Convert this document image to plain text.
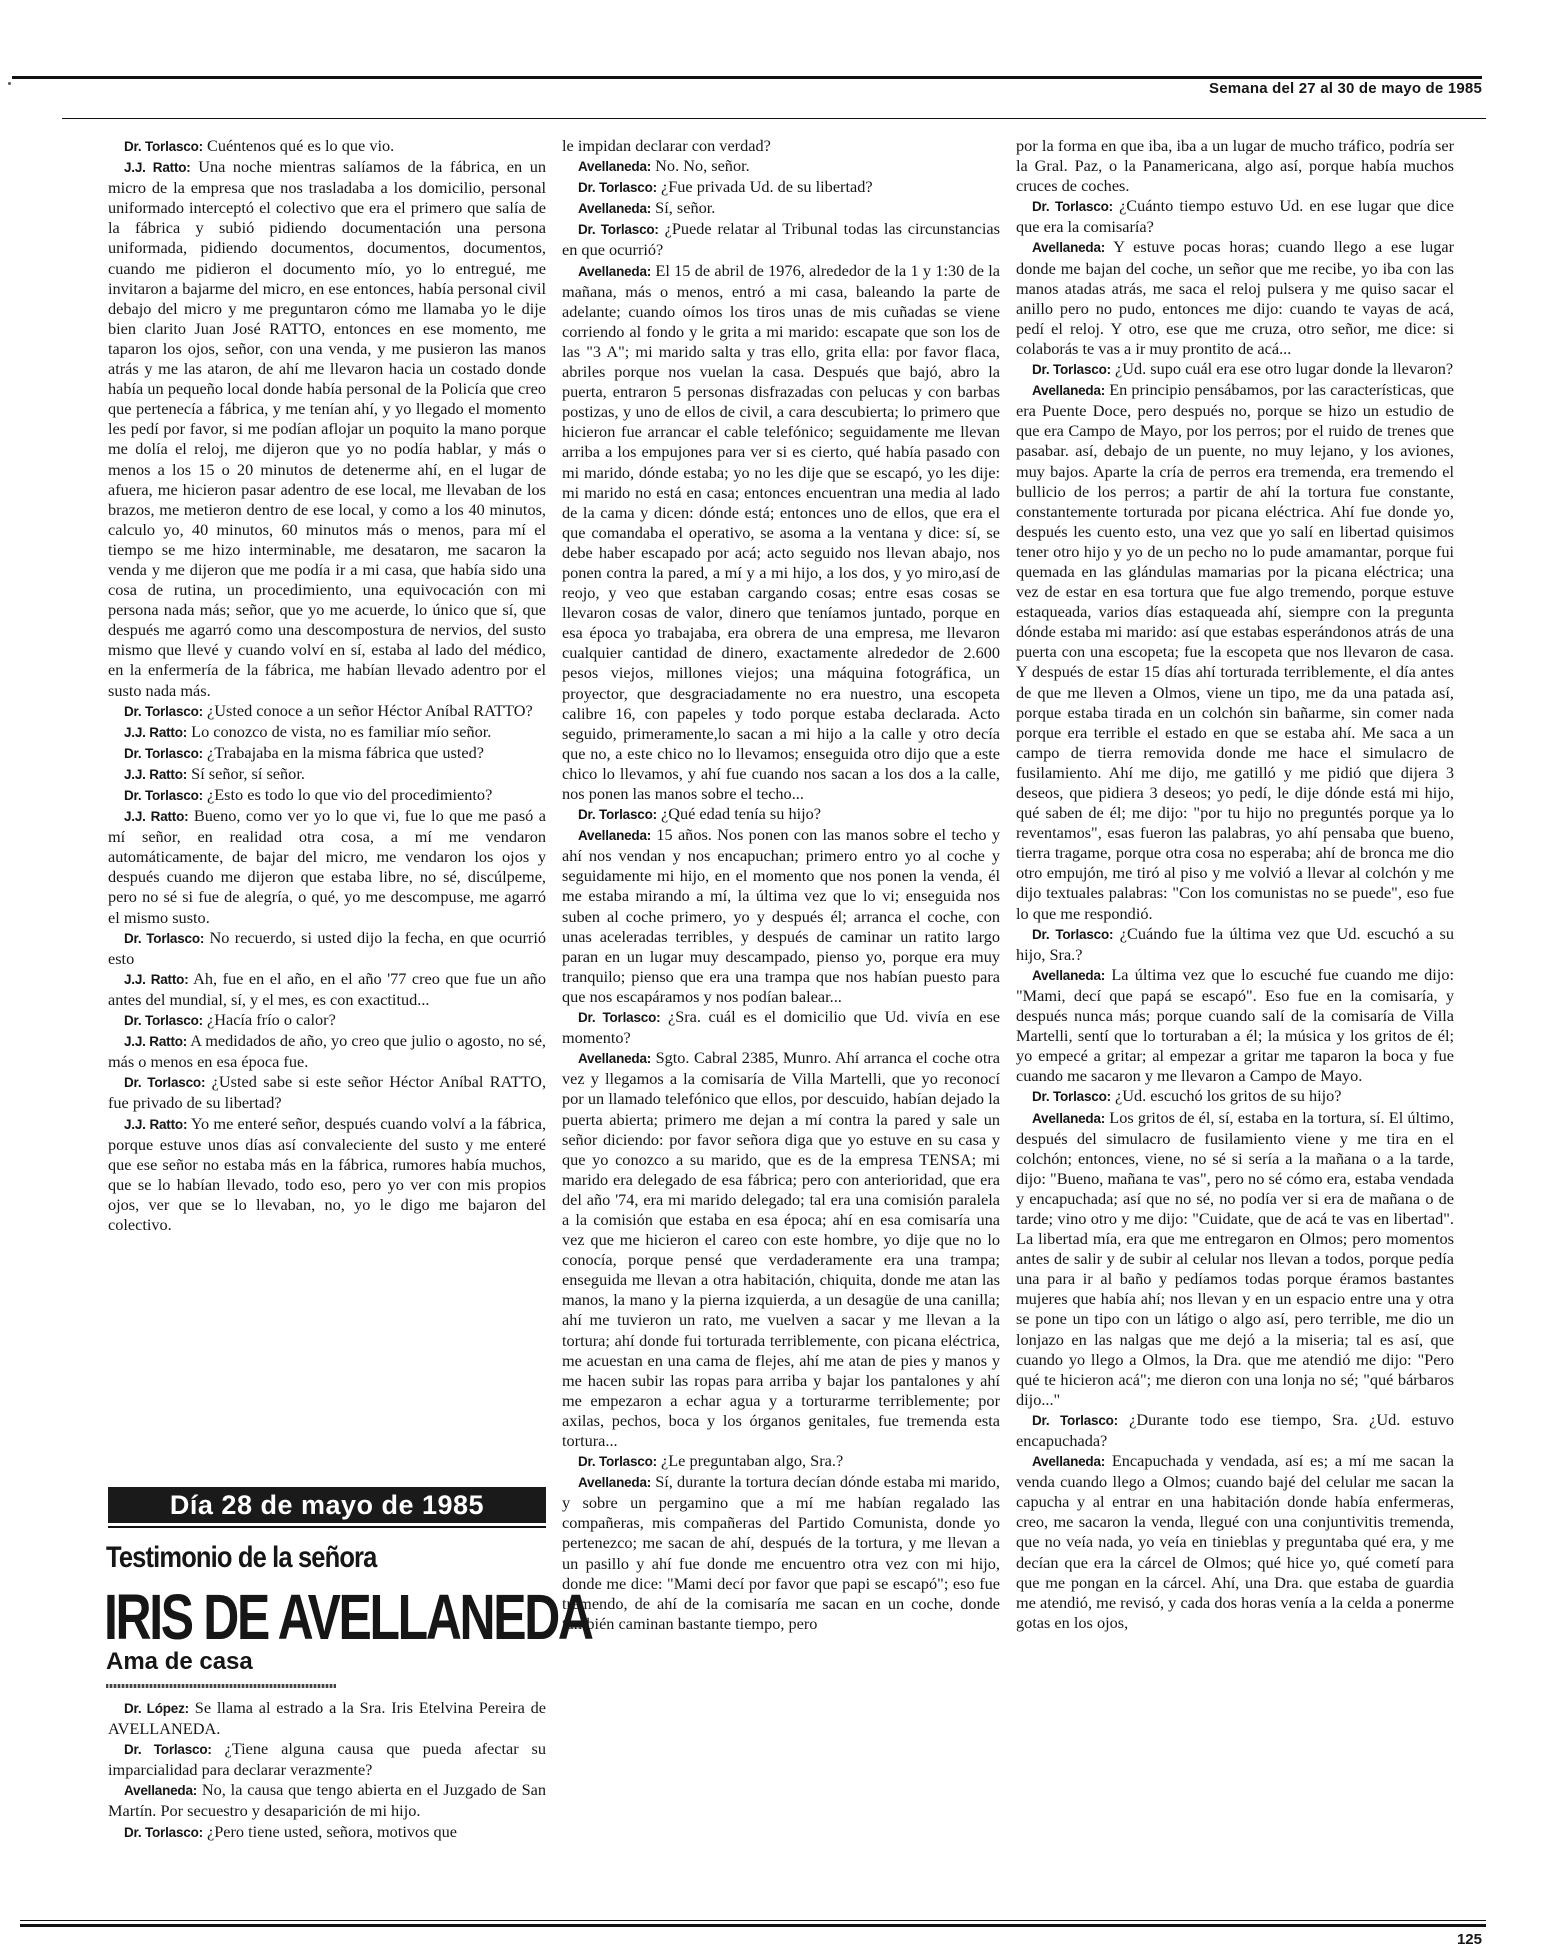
Semana del 27 al 30 de mayo de 1985

Dr. Torlasco: Cuéntenos qué es lo que vio.

J.J. Ratto: Una noche mientras salíamos de la fábrica, en un micro de la empresa que nos trasladaba a los domicilio, personal uniformado interceptó el colectivo que era el primero que salía de la fábrica y subió pidiendo documentación una persona uniformada, pidiendo documentos, documentos, documentos, cuando me pidieron el documento mío, yo lo entregué, me invitaron a bajarme del micro, en ese entonces, había personal civil debajo del micro y me preguntaron cómo me llamaba yo le dije bien clarito Juan José RATTO, entonces en ese momento, me taparon los ojos, señor, con una venda, y me pusieron las manos atrás y me las ataron, de ahí me llevaron hacia un costado donde había un pequeño local donde había personal de la Policía que creo que pertenecía a fábrica, y me tenían ahí, y yo llegado el momento les pedí por favor, si me podían aflojar un poquito la mano porque me dolía el reloj, me dijeron que yo no podía hablar, y más o menos a los 15 o 20 minutos de detenerme ahí, en el lugar de afuera, me hicieron pasar adentro de ese local, me llevaban de los brazos, me metieron dentro de ese local, y como a los 40 minutos, calculo yo, 40 minutos, 60 minutos más o menos, para mí el tiempo se me hizo interminable, me desataron, me sacaron la venda y me dijeron que me podía ir a mi casa, que había sido una cosa de rutina, un procedimiento, una equivocación con mi persona nada más; señor, que yo me acuerde, lo único que sí, que después me agarró como una descompostura de nervios, del susto mismo que llevé y cuando volví en sí, estaba al lado del médico, en la enfermería de la fábrica, me habían llevado adentro por el susto nada más.

Dr. Torlasco: ¿Usted conoce a un señor Héctor Aníbal RATTO?

J.J. Ratto: Lo conozco de vista, no es familiar mío señor.

Dr. Torlasco: ¿Trabajaba en la misma fábrica que usted?

J.J. Ratto: Sí señor, sí señor.

Dr. Torlasco: ¿Esto es todo lo que vio del procedimiento?

J.J. Ratto: Bueno, como ver yo lo que vi, fue lo que me pasó a mí señor, en realidad otra cosa, a mí me vendaron automáticamente, de bajar del micro, me vendaron los ojos y después cuando me dijeron que estaba libre, no sé, discúlpeme, pero no sé si fue de alegría, o qué, yo me descompuse, me agarró el mismo susto.

Dr. Torlasco: No recuerdo, si usted dijo la fecha, en que ocurrió esto

J.J. Ratto: Ah, fue en el año, en el año '77 creo que fue un año antes del mundial, sí, y el mes, es con exactitud...

Dr. Torlasco: ¿Hacía frío o calor?

J.J. Ratto: A medidados de año, yo creo que julio o agosto, no sé, más o menos en esa época fue.

Dr. Torlasco: ¿Usted sabe si este señor Héctor Aníbal RATTO, fue privado de su libertad?

J.J. Ratto: Yo me enteré señor, después cuando volví a la fábrica, porque estuve unos días así convaleciente del susto y me enteré que ese señor no estaba más en la fábrica, rumores había muchos, que se lo habían llevado, todo eso, pero yo ver con mis propios ojos, ver que se lo llevaban, no, yo le digo me bajaron del colectivo.

Día 28 de mayo de 1985
Testimonio de la señora
IRIS DE AVELLANEDA
Ama de casa

Dr. López: Se llama al estrado a la Sra. Iris Etelvina Pereira de AVELLANEDA.

Dr. Torlasco: ¿Tiene alguna causa que pueda afectar su imparcialidad para declarar verazmente?

Avellaneda: No, la causa que tengo abierta en el Juzgado de San Martín. Por secuestro y desaparición de mi hijo.

Dr. Torlasco: ¿Pero tiene usted, señora, motivos que

le impidan declarar con verdad?

Avellaneda: No. No, señor.

Dr. Torlasco: ¿Fue privada Ud. de su libertad?

Avellaneda: Sí, señor.

Dr. Torlasco: ¿Puede relatar al Tribunal todas las circunstancias en que ocurrió?

Avellaneda: El 15 de abril de 1976, alrededor de la 1 y 1:30 de la mañana, más o menos, entró a mi casa, baleando la parte de adelante; cuando oímos los tiros unas de mis cuñadas se viene corriendo al fondo y le grita a mi marido: escapate que son los de las "3 A"; mi marido salta y tras ello, grita ella: por favor flaca, abriles porque nos vuelan la casa. Después que bajó, abro la puerta, entraron 5 personas disfrazadas con pelucas y con barbas postizas, y uno de ellos de civil, a cara descubierta; lo primero que hicieron fue arrancar el cable telefónico; seguidamente me llevan arriba a los empujones para ver si es cierto, qué había pasado con mi marido, dónde estaba; yo no les dije que se escapó, yo les dije: mi marido no está en casa; entonces encuentran una media al lado de la cama y dicen: dónde está; entonces uno de ellos, que era el que comandaba el operativo, se asoma a la ventana y dice: sí, se debe haber escapado por acá; acto seguido nos llevan abajo, nos ponen contra la pared, a mí y a mi hijo, a los dos, y yo miro,así de reojo, y veo que estaban cargando cosas; entre esas cosas se llevaron cosas de valor, dinero que teníamos juntado, porque en esa época yo trabajaba, era obrera de una empresa, me llevaron cualquier cantidad de dinero, exactamente alrededor de 2.600 pesos viejos, millones viejos; una máquina fotográfica, un proyector, que desgraciadamente no era nuestro, una escopeta calibre 16, con papeles y todo porque estaba declarada. Acto seguido, primeramente,lo sacan a mi hijo a la calle y otro decía que no, a este chico no lo llevamos; enseguida otro dijo que a este chico lo llevamos, y ahí fue cuando nos sacan a los dos a la calle, nos ponen las manos sobre el techo...

Dr. Torlasco: ¿Qué edad tenía su hijo?

Avellaneda: 15 años. Nos ponen con las manos sobre el techo y ahí nos vendan y nos encapuchan; primero entro yo al coche y seguidamente mi hijo, en el momento que nos ponen la venda, él me estaba mirando a mí, la última vez que lo vi; enseguida nos suben al coche primero, yo y después él; arranca el coche, con unas aceleradas terribles, y después de caminar un ratito largo paran en un lugar muy descampado, pienso yo, porque era muy tranquilo; pienso que era una trampa que nos habían puesto para que nos escapáramos y nos podían balear...

Dr. Torlasco: ¿Sra. cuál es el domicilio que Ud. vivía en ese momento?

Avellaneda: Sgto. Cabral 2385, Munro. Ahí arranca el coche otra vez y llegamos a la comisaría de Villa Martelli, que yo reconocí por un llamado telefónico que ellos, por descuido, habían dejado la puerta abierta; primero me dejan a mí contra la pared y sale un señor diciendo: por favor señora diga que yo estuve en su casa y que yo conozco a su marido, que es de la empresa TENSA; mi marido era delegado de esa fábrica; pero con anterioridad, que era del año '74, era mi marido delegado; tal era una comisión paralela a la comisión que estaba en esa época; ahí en esa comisaría una vez que me hicieron el careo con este hombre, yo dije que no lo conocía, porque pensé que verdaderamente era una trampa; enseguida me llevan a otra habitación, chiquita, donde me atan las manos, la mano y la pierna izquierda, a un desagüe de una canilla; ahí me tuvieron un rato, me vuelven a sacar y me llevan a la tortura; ahí donde fui torturada terriblemente, con picana eléctrica, me acuestan en una cama de flejes, ahí me atan de pies y manos y me hacen subir las ropas para arriba y bajar los pantalones y ahí me empezaron a echar agua y a torturarme terriblemente; por axilas, pechos, boca y los órganos genitales, fue tremenda esta tortura...

Dr. Torlasco: ¿Le preguntaban algo, Sra.?

Avellaneda: Sí, durante la tortura decían dónde estaba mi marido, y sobre un pergamino que a mí me habían regalado las compañeras, mis compañeras del Partido Comunista, donde yo pertenezco; me sacan de ahí, después de la tortura, y me llevan a un pasillo y ahí fue donde me encuentro otra vez con mi hijo, donde me dice: "Mami decí por favor que papi se escapó"; eso fue tremendo, de ahí de la comisaría me sacan en un coche, donde también caminan bastante tiempo, pero

por la forma en que iba, iba a un lugar de mucho tráfico, podría ser la Gral. Paz, o la Panamericana, algo así, porque había muchos cruces de coches.

Dr. Torlasco: ¿Cuánto tiempo estuvo Ud. en ese lugar que dice que era la comisaría?

Avellaneda: Y estuve pocas horas; cuando llego a ese lugar donde me bajan del coche, un señor que me recibe, yo iba con las manos atadas atrás, me saca el reloj pulsera y me quiso sacar el anillo pero no pudo, entonces me dijo: cuando te vayas de acá, pedí el reloj. Y otro, ese que me cruza, otro señor, me dice: si colaborás te vas a ir muy prontito de acá...

Dr. Torlasco: ¿Ud. supo cuál era ese otro lugar donde la llevaron?

Avellaneda: En principio pensábamos, por las características, que era Puente Doce, pero después no, porque se hizo un estudio de que era Campo de Mayo, por los perros; por el ruido de trenes que pasabar. así, debajo de un puente, no muy lejano, y los aviones, muy bajos. Aparte la cría de perros era tremenda, era tremendo el bullicio de los perros; a partir de ahí la tortura fue constante, constantemente torturada por picana eléctrica. Ahí fue donde yo, después les cuento esto, una vez que yo salí en libertad quisimos tener otro hijo y yo de un pecho no lo pude amamantar, porque fui quemada en las glándulas mamarias por la picana eléctrica; una vez de estar en esa tortura que fue algo tremendo, porque estuve estaqueada, varios días estaqueada ahí, siempre con la pregunta dónde estaba mi marido: así que estabas esperándonos atrás de una puerta con una escopeta; fue la escopeta que nos llevaron de casa. Y después de estar 15 días ahí torturada terriblemente, el día antes de que me lleven a Olmos, viene un tipo, me da una patada así, porque estaba tirada en un colchón sin bañarme, sin comer nada porque era terrible el estado en que se estaba ahí. Me saca a un campo de tierra removida donde me hace el simulacro de fusilamiento. Ahí me dijo, me gatilló y me pidió que dijera 3 deseos, que pidiera 3 deseos; yo pedí, le dije dónde está mi hijo, qué saben de él; me dijo: "por tu hijo no preguntés porque ya lo reventamos", esas fueron las palabras, yo ahí pensaba que bueno, tierra tragame, porque otra cosa no esperaba; ahí de bronca me dio otro empujón, me tiró al piso y me volvió a llevar al colchón y me dijo textuales palabras: "Con los comunistas no se puede", eso fue lo que me respondió.

Dr. Torlasco: ¿Cuándo fue la última vez que Ud. escuchó a su hijo, Sra.?

Avellaneda: La última vez que lo escuché fue cuando me dijo: "Mami, decí que papá se escapó". Eso fue en la comisaría, y después nunca más; porque cuando salí de la comisaría de Villa Martelli, sentí que lo torturaban a él; la música y los gritos de él; yo empecé a gritar; al empezar a gritar me taparon la boca y fue cuando me sacaron y me llevaron a Campo de Mayo.

Dr. Torlasco: ¿Ud. escuchó los gritos de su hijo?

Avellaneda: Los gritos de él, sí, estaba en la tortura, sí. El último, después del simulacro de fusilamiento viene y me tira en el colchón; entonces, viene, no sé si sería a la mañana o a la tarde, dijo: "Bueno, mañana te vas", pero no sé cómo era, estaba vendada y encapuchada; así que no sé, no podía ver si era de mañana o de tarde; vino otro y me dijo: "Cuidate, que de acá te vas en libertad". La libertad mía, era que me entregaron en Olmos; pero momentos antes de salir y de subir al celular nos llevan a todos, porque pedía una para ir al baño y pedíamos todas porque éramos bastantes mujeres que había ahí; nos llevan y en un espacio entre una y otra se pone un tipo con un látigo o algo así, pero terrible, me dio un lonjazo en las nalgas que me dejó a la miseria; tal es así, que cuando yo llego a Olmos, la Dra. que me atendió me dijo: "Pero qué te hicieron acá"; me dieron con una lonja no sé; "qué bárbaros dijo..."

Dr. Torlasco: ¿Durante todo ese tiempo, Sra. ¿Ud. estuvo encapuchada?

Avellaneda: Encapuchada y vendada, así es; a mí me sacan la venda cuando llego a Olmos; cuando bajé del celular me sacan la capucha y al entrar en una habitación donde había enfermeras, creo, me sacaron la venda, llegué con una conjuntivitis tremenda, que no veía nada, yo veía en tinieblas y preguntaba qué era, y me decían que era la cárcel de Olmos; qué hice yo, qué cometí para que me pongan en la cárcel. Ahí, una Dra. que estaba de guardia me atendió, me revisó, y cada dos horas venía a la celda a ponerme gotas en los ojos,

125
